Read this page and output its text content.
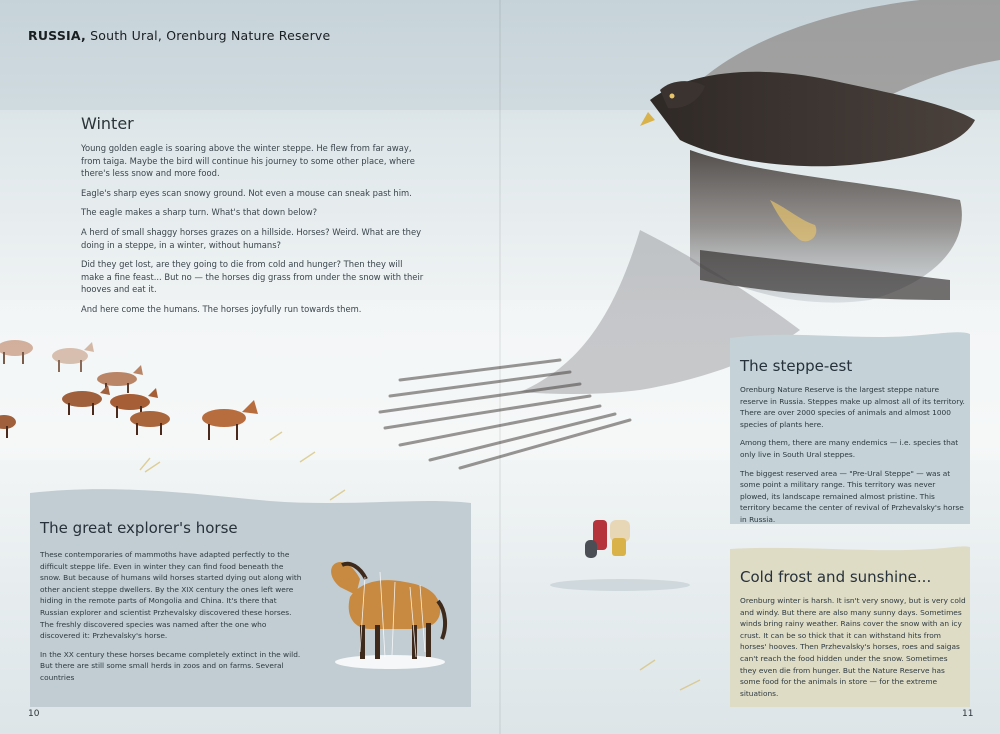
RUSSIA, South Ural, Orenburg Nature Reserve
Winter

Young golden eagle is soaring above the winter steppe. He flew from far away, from taiga. Maybe the bird will continue his journey to some other place, where there's less snow and more food.

Eagle's sharp eyes scan snowy ground. Not even a mouse can sneak past him.

The eagle makes a sharp turn. What's that down below?

A herd of small shaggy horses grazes on a hillside. Horses? Weird. What are they doing in a steppe, in a winter, without humans?

Did they get lost, are they going to die from cold and hunger? Then they will make a fine feast... But no — the horses dig grass from under the snow with their hooves and eat it.

And here come the humans. The horses joyfully run towards them.

The great explorer's horse

These contemporaries of mammoths have adapted perfectly to the difficult steppe life. Even in winter they can find food beneath the snow. But because of humans wild horses started dying out along with other ancient steppe dwellers. By the XIX century the ones left were hiding in the remote parts of Mongolia and China. It's there that Russian explorer and scientist Przhevalsky discovered these horses. The freshly discovered species was named after the one who discovered it: Przhevalsky's horse.

In the XX century these horses became completely extinct in the wild. But there are still some small herds in zoos and on farms. Several countries

The steppe-est

Orenburg Nature Reserve is the largest steppe nature reserve in Russia. Steppes make up almost all of its territory. There are over 2000 species of animals and almost 1000 species of plants here.

Among them, there are many endemics — i.e. species that only live in South Ural steppes.

The biggest reserved area — "Pre-Ural Steppe" — was at some point a military range. This territory was never plowed, its landscape remained almost pristine. This territory became the center of revival of Przhevalsky's horse in Russia.

Cold frost and sunshine...

Orenburg winter is harsh. It isn't very snowy, but is very cold and windy. But there are also many sunny days. Sometimes winds bring rainy weather. Rains cover the snow with an icy crust. It can be so thick that it can withstand hits from horses' hooves. Then Przhevalsky's horses, roes and saigas can't reach the food hidden under the snow. Sometimes they even die from hunger. But the Nature Reserve has some food for the animals in store — for the extreme situations.

10	11
